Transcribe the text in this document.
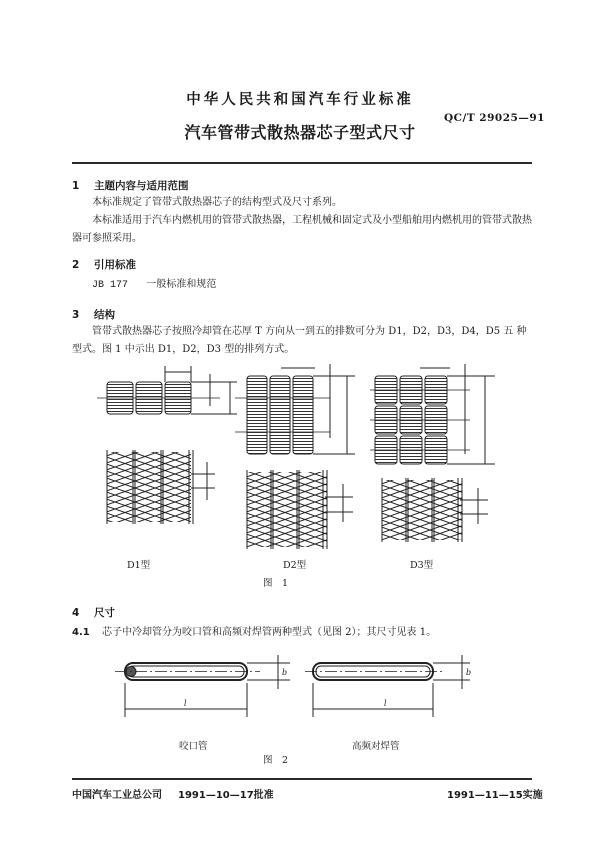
中华人民共和国汽车行业标准
QC/T 29025—91
汽车管带式散热器芯子型式尺寸
1 主题内容与适用范围
本标准规定了管带式散热器芯子的结构型式及尺寸系列。
本标准适用于汽车内燃机用的管带式散热器，工程机械和固定式及小型船舶用内燃机用的管带式散热器可参照采用。
2 引用标准
JB 177 一般标准和规范
3 结构
管带式散热器芯子按照冷却管在芯厚 T 方向从一到五的排数可分为 D1，D2，D3，D4，D5 五 种型式。图 1 中示出 D1，D2，D3 型的排列方式。
D1型	D2型	D3型
图　1
4 尺寸
4.1 芯子中冷却管分为咬口管和高频对焊管两种型式（见图 2）；其尺寸见表 1。
l
b
l
b
咬口管	高频对焊管
图　2
中国汽车工业总公司 1991—10—17批准	1991—11—15实施
